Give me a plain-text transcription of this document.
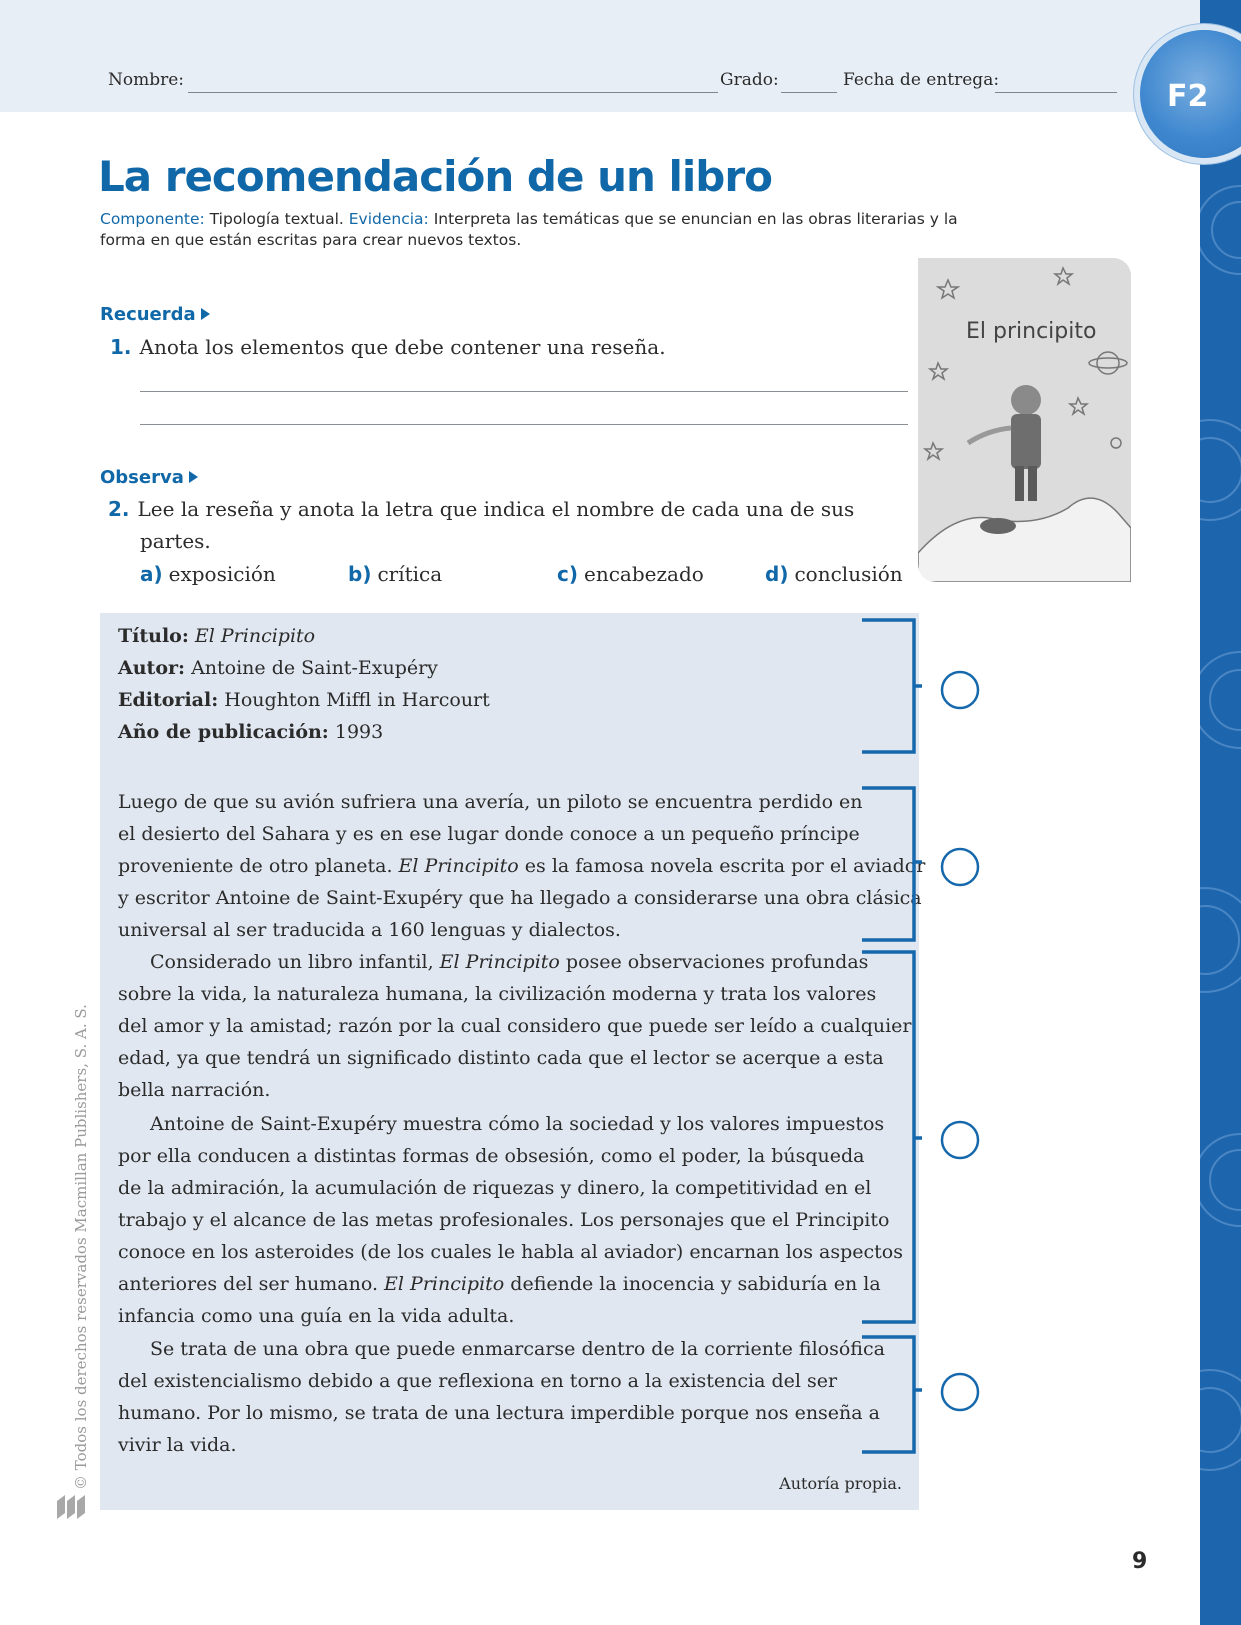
Nombre:	Grado:	Fecha de entrega:	F2
La recomendación de un libro
Componente: Tipología textual. Evidencia: Interpreta las temáticas que se enuncian en las obras literarias y la
forma en que están escritas para crear nuevos textos.
Recuerda
1. Anota los elementos que debe contener una reseña.
Observa
2. Lee la reseña y anota la letra que indica el nombre de cada una de sus
partes.
a) exposición	b) crítica	c) encabezado	d) conclusión
El principito
Título: El Principito
Autor: Antoine de Saint-Exupéry
Editorial: Houghton Miffl in Harcourt
Año de publicación: 1993
Luego de que su avión sufriera una avería, un piloto se encuentra perdido en
el desierto del Sahara y es en ese lugar donde conoce a un pequeño príncipe
proveniente de otro planeta. El Principito es la famosa novela escrita por el aviador
y escritor Antoine de Saint-Exupéry que ha llegado a considerarse una obra clásica
universal al ser traducida a 160 lenguas y dialectos.
Considerado un libro infantil, El Principito posee observaciones profundas
sobre la vida, la naturaleza humana, la civilización moderna y trata los valores
del amor y la amistad; razón por la cual considero que puede ser leído a cualquier
edad, ya que tendrá un significado distinto cada que el lector se acerque a esta
bella narración.
Antoine de Saint-Exupéry muestra cómo la sociedad y los valores impuestos
por ella conducen a distintas formas de obsesión, como el poder, la búsqueda
de la admiración, la acumulación de riquezas y dinero, la competitividad en el
trabajo y el alcance de las metas profesionales. Los personajes que el Principito
conoce en los asteroides (de los cuales le habla al aviador) encarnan los aspectos
anteriores del ser humano. El Principito defiende la inocencia y sabiduría en la
infancia como una guía en la vida adulta.
Se trata de una obra que puede enmarcarse dentro de la corriente filosófica
del existencialismo debido a que reflexiona en torno a la existencia del ser
humano. Por lo mismo, se trata de una lectura imperdible porque nos enseña a
vivir la vida.
Autoría propia.
© Todos los derechos reservados Macmillan Publishers, S. A. S.
9
